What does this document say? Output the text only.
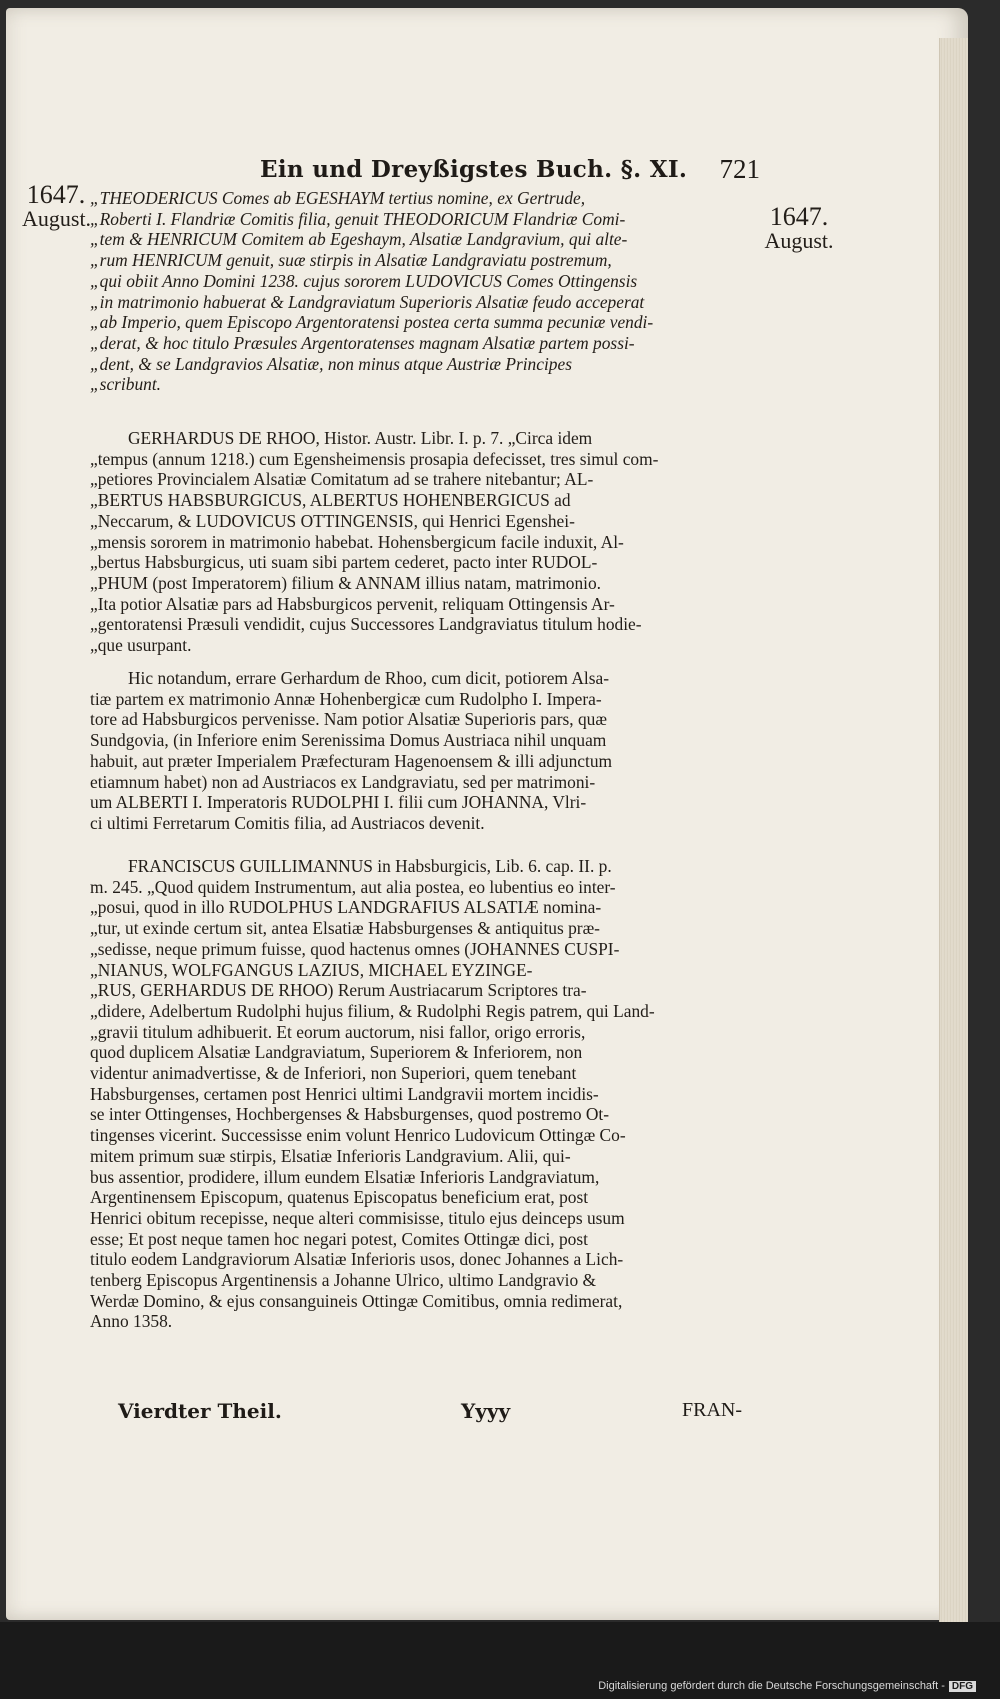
Ein und Dreyßigstes Buch. §. XI. 721
1647.
August.	1647.
August.
„THEODERICUS Comes ab EGESHAYM tertius nomine, ex Gertrude,
„Roberti I. Flandriæ Comitis filia, genuit THEODORICUM Flandriæ Comi-
„tem & HENRICUM Comitem ab Egeshaym, Alsatiæ Landgravium, qui alte-
„rum HENRICUM genuit, suæ stirpis in Alsatiæ Landgraviatu postremum,
„qui obiit Anno Domini 1238. cujus sororem LUDOVICUS Comes Ottingensis
„in matrimonio habuerat & Landgraviatum Superioris Alsatiæ feudo acceperat
„ab Imperio, quem Episcopo Argentoratensi postea certa summa pecuniæ vendi-
„derat, & hoc titulo Præsules Argentoratenses magnam Alsatiæ partem possi-
„dent, & se Landgravios Alsatiæ, non minus atque Austriæ Principes
„scribunt.
GERHARDUS DE RHOO, Histor. Austr. Libr. I. p. 7. „Circa idem
„tempus (annum 1218.) cum Egensheimensis prosapia defecisset, tres simul com-
„petiores Provincialem Alsatiæ Comitatum ad se trahere nitebantur; AL-
„BERTUS HABSBURGICUS, ALBERTUS HOHENBERGICUS ad
„Neccarum, & LUDOVICUS OTTINGENSIS, qui Henrici Egenshei-
„mensis sororem in matrimonio habebat. Hohensbergicum facile induxit, Al-
„bertus Habsburgicus, uti suam sibi partem cederet, pacto inter RUDOL-
„PHUM (post Imperatorem) filium & ANNAM illius natam, matrimonio.
„Ita potior Alsatiæ pars ad Habsburgicos pervenit, reliquam Ottingensis Ar-
„gentoratensi Præsuli vendidit, cujus Successores Landgraviatus titulum hodie-
„que usurpant.
Hic notandum, errare Gerhardum de Rhoo, cum dicit, potiorem Alsa-
tiæ partem ex matrimonio Annæ Hohenbergicæ cum Rudolpho I. Impera-
tore ad Habsburgicos pervenisse. Nam potior Alsatiæ Superioris pars, quæ
Sundgovia, (in Inferiore enim Serenissima Domus Austriaca nihil unquam
habuit, aut præter Imperialem Præfecturam Hagenoensem & illi adjunctum
etiamnum habet) non ad Austriacos ex Landgraviatu, sed per matrimoni-
um ALBERTI I. Imperatoris RUDOLPHI I. filii cum JOHANNA, Vlri-
ci ultimi Ferretarum Comitis filia, ad Austriacos devenit.
FRANCISCUS GUILLIMANNUS in Habsburgicis, Lib. 6. cap. II. p.
m. 245. „Quod quidem Instrumentum, aut alia postea, eo lubentius eo inter-
„posui, quod in illo RUDOLPHUS LANDGRAFIUS ALSATIÆ nomina-
„tur, ut exinde certum sit, antea Elsatiæ Habsburgenses & antiquitus præ-
„sedisse, neque primum fuisse, quod hactenus omnes (JOHANNES CUSPI-
„NIANUS, WOLFGANGUS LAZIUS, MICHAEL EYZINGE-
„RUS, GERHARDUS DE RHOO) Rerum Austriacarum Scriptores tra-
„didere, Adelbertum Rudolphi hujus filium, & Rudolphi Regis patrem, qui Land-
„gravii titulum adhibuerit. Et eorum auctorum, nisi fallor, origo erroris,
quod duplicem Alsatiæ Landgraviatum, Superiorem & Inferiorem, non
videntur animadvertisse, & de Inferiori, non Superiori, quem tenebant
Habsburgenses, certamen post Henrici ultimi Landgravii mortem incidis-
se inter Ottingenses, Hochbergenses & Habsburgenses, quod postremo Ot-
tingenses vicerint. Successisse enim volunt Henrico Ludovicum Ottingæ Co-
mitem primum suæ stirpis, Elsatiæ Inferioris Landgravium. Alii, qui-
bus assentior, prodidere, illum eundem Elsatiæ Inferioris Landgraviatum,
Argentinensem Episcopum, quatenus Episcopatus beneficium erat, post
Henrici obitum recepisse, neque alteri commisisse, titulo ejus deinceps usum
esse; Et post neque tamen hoc negari potest, Comites Ottingæ dici, post
titulo eodem Landgraviorum Alsatiæ Inferioris usos, donec Johannes a Lich-
tenberg Episcopus Argentinensis a Johanne Ulrico, ultimo Landgravio &
Werdæ Domino, & ejus consanguineis Ottingæ Comitibus, omnia redimerat,
Anno 1358.
Vierdter Theil.	Yyyy	FRAN-
Digitalisierung gefördert durch die Deutsche Forschungsgemeinschaft - DFG
